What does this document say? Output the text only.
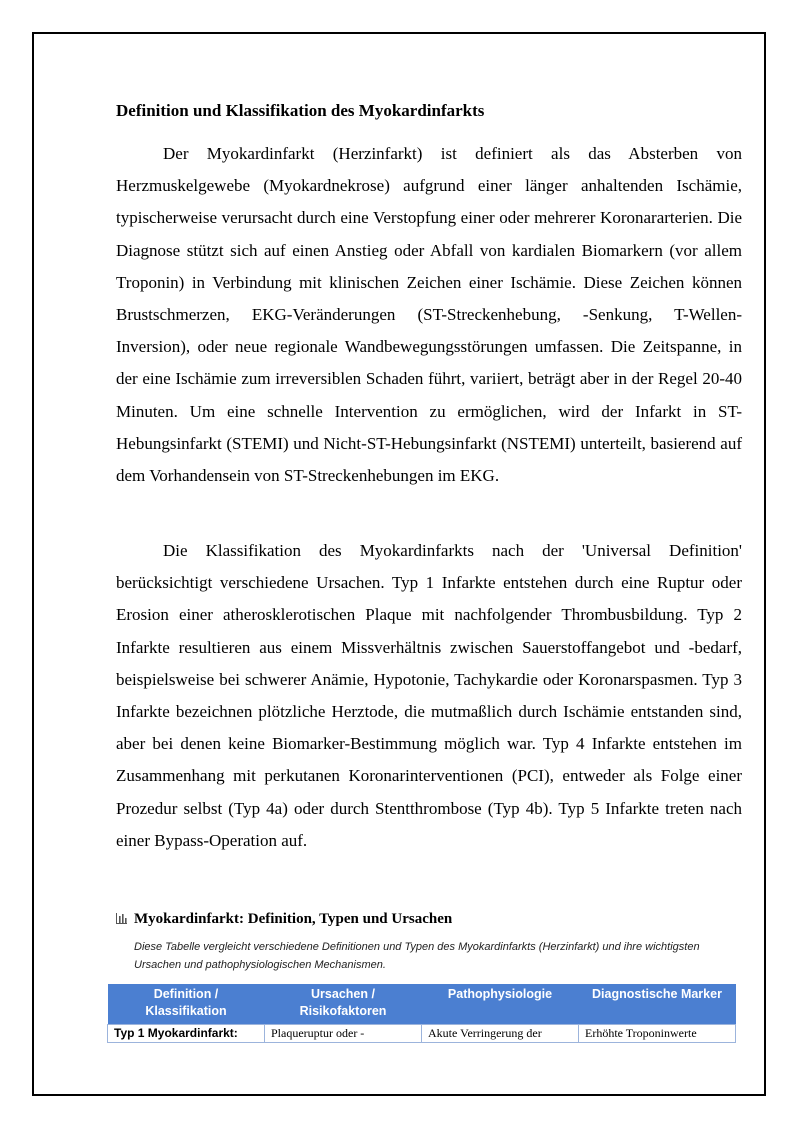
Definition und Klassifikation des Myokardinfarkts

Der Myokardinfarkt (Herzinfarkt) ist definiert als das Absterben von Herzmuskelgewebe (Myokardnekrose) aufgrund einer länger anhaltenden Ischämie, typischerweise verursacht durch eine Verstopfung einer oder mehrerer Koronararterien. Die Diagnose stützt sich auf einen Anstieg oder Abfall von kardialen Biomarkern (vor allem Troponin) in Verbindung mit klinischen Zeichen einer Ischämie. Diese Zeichen können Brustschmerzen, EKG-Veränderungen (ST-Streckenhebung, -Senkung, T-Wellen-Inversion), oder neue regionale Wandbewegungsstörungen umfassen. Die Zeitspanne, in der eine Ischämie zum irreversiblen Schaden führt, variiert, beträgt aber in der Regel 20-40 Minuten. Um eine schnelle Intervention zu ermöglichen, wird der Infarkt in ST-Hebungsinfarkt (STEMI) und Nicht-ST-Hebungsinfarkt (NSTEMI) unterteilt, basierend auf dem Vorhandensein von ST-Streckenhebungen im EKG.

Die Klassifikation des Myokardinfarkts nach der 'Universal Definition' berücksichtigt verschiedene Ursachen. Typ 1 Infarkte entstehen durch eine Ruptur oder Erosion einer atherosklerotischen Plaque mit nachfolgender Thrombusbildung. Typ 2 Infarkte resultieren aus einem Missverhältnis zwischen Sauerstoffangebot und -bedarf, beispielsweise bei schwerer Anämie, Hypotonie, Tachykardie oder Koronarspasmen. Typ 3 Infarkte bezeichnen plötzliche Herztode, die mutmaßlich durch Ischämie entstanden sind, aber bei denen keine Biomarker-Bestimmung möglich war. Typ 4 Infarkte entstehen im Zusammenhang mit perkutanen Koronarinterventionen (PCI), entweder als Folge einer Prozedur selbst (Typ 4a) oder durch Stentthrombose (Typ 4b). Typ 5 Infarkte treten nach einer Bypass-Operation auf.

Myokardinfarkt: Definition, Typen und Ursachen
Diese Tabelle vergleicht verschiedene Definitionen und Typen des Myokardinfarkts (Herzinfarkt) und ihre wichtigsten Ursachen und pathophysiologischen Mechanismen.
Definition / Klassifikation	Ursachen / Risikofaktoren	Pathophysiologie	Diagnostische Marker
Typ 1 Myokardinfarkt:	Plaqueruptur oder -	Akute Verringerung der	Erhöhte Troponinwerte
